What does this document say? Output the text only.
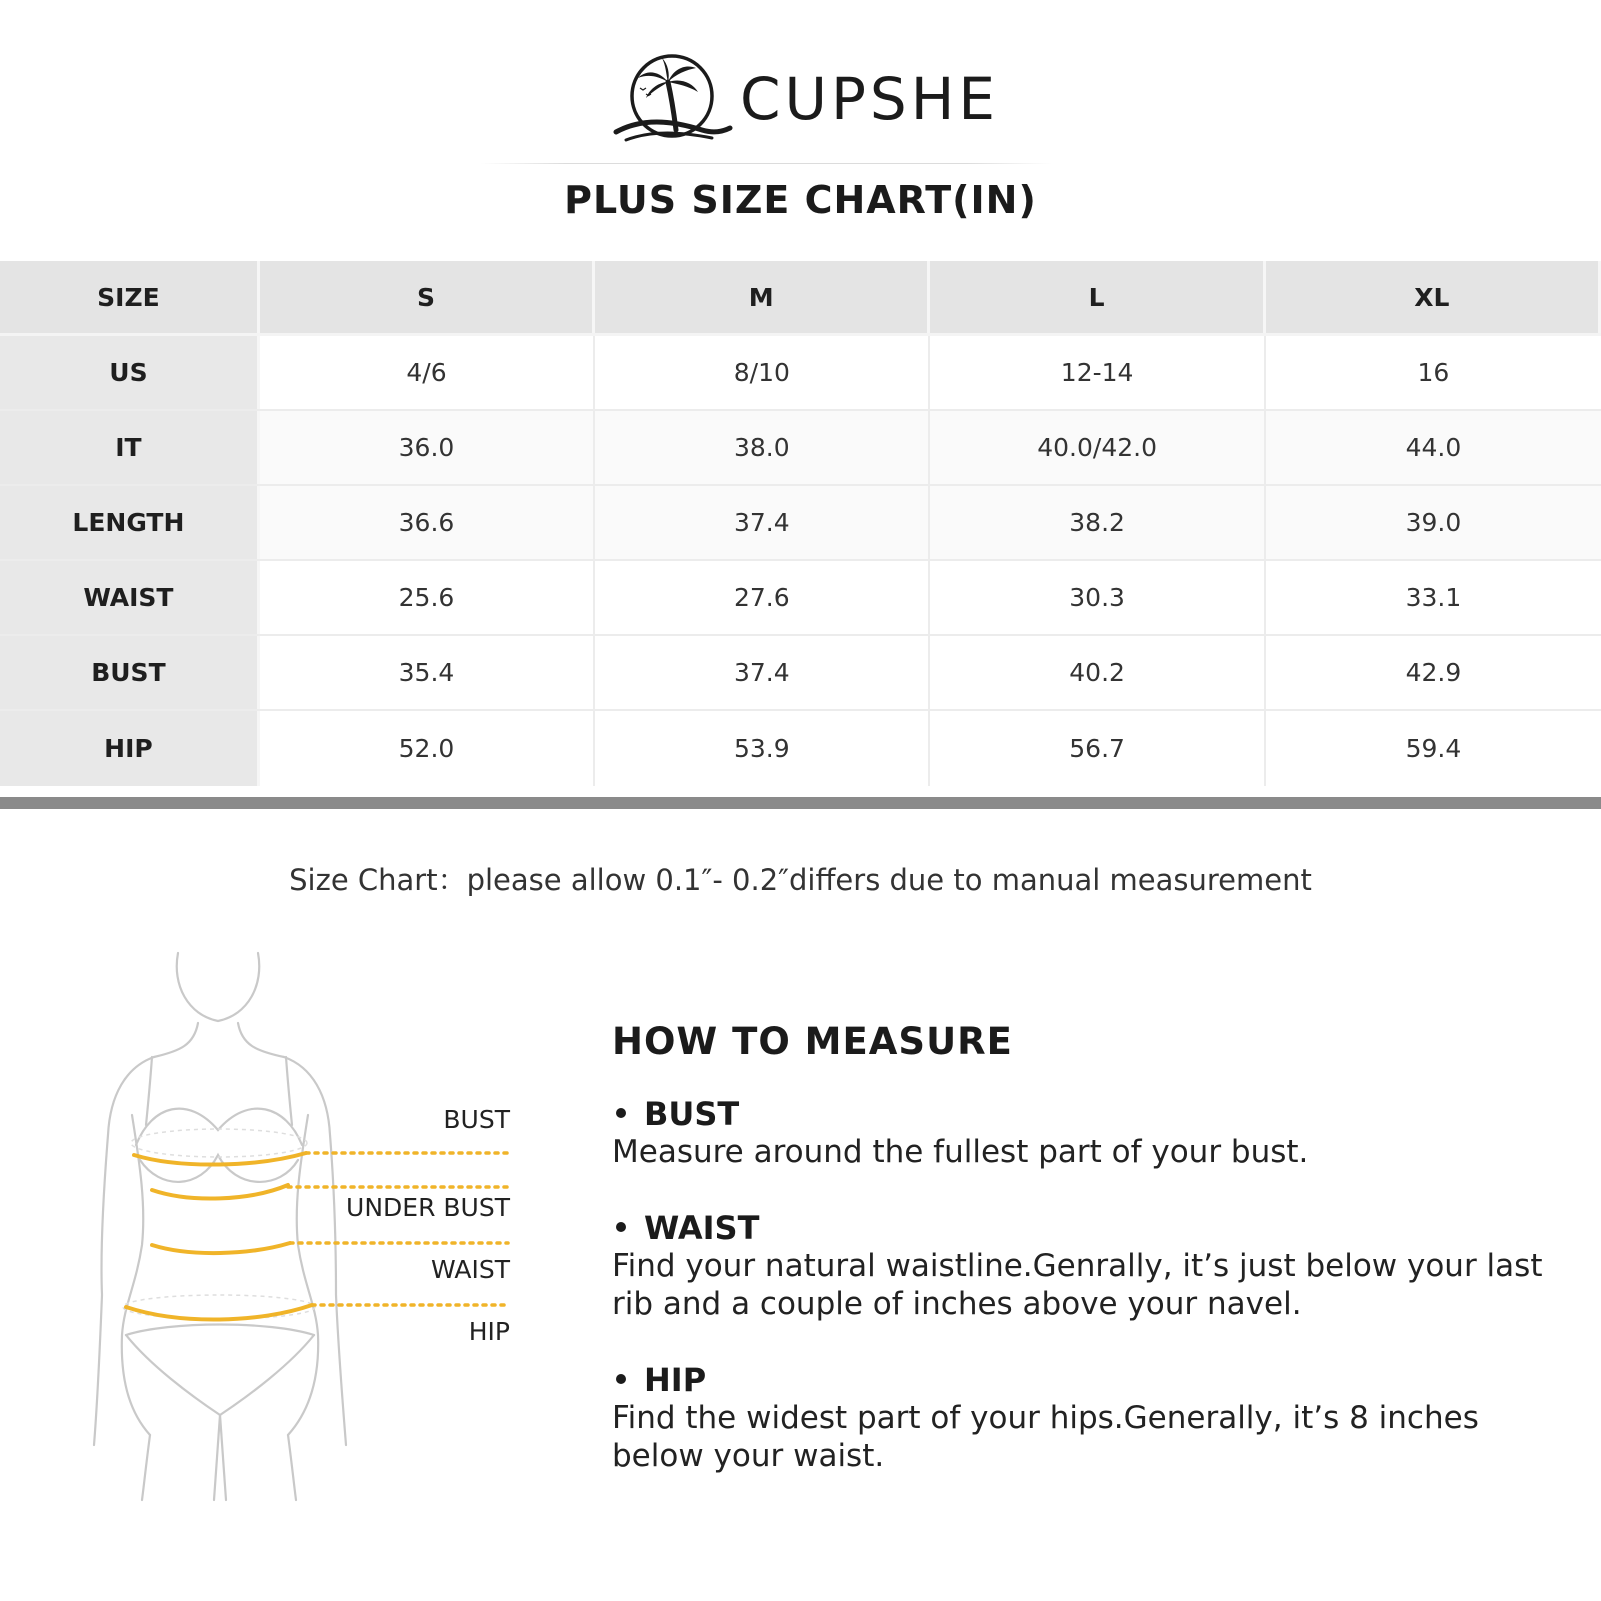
CUPSHE
PLUS SIZE CHART(IN)
SIZE	S	M	L	XL
US	4/6	8/10	12-14	16
IT	36.0	38.0	40.0/42.0	44.0
LENGTH	36.6	37.4	38.2	39.0
WAIST	25.6	27.6	30.3	33.1
BUST	35.4	37.4	40.2	42.9
HIP	52.0	53.9	56.7	59.4
Size Chart：please allow 0.1″- 0.2″differs due to manual measurement
BUST
UNDER BUST
WAIST
HIP
HOW TO MEASURE
BUST
Measure around the fullest part of your bust.
WAIST
Find your natural waistline.Genrally, it’s just below your last rib and a couple of inches above your navel.
HIP
Find the widest part of your hips.Generally, it’s 8 inches below your waist.
